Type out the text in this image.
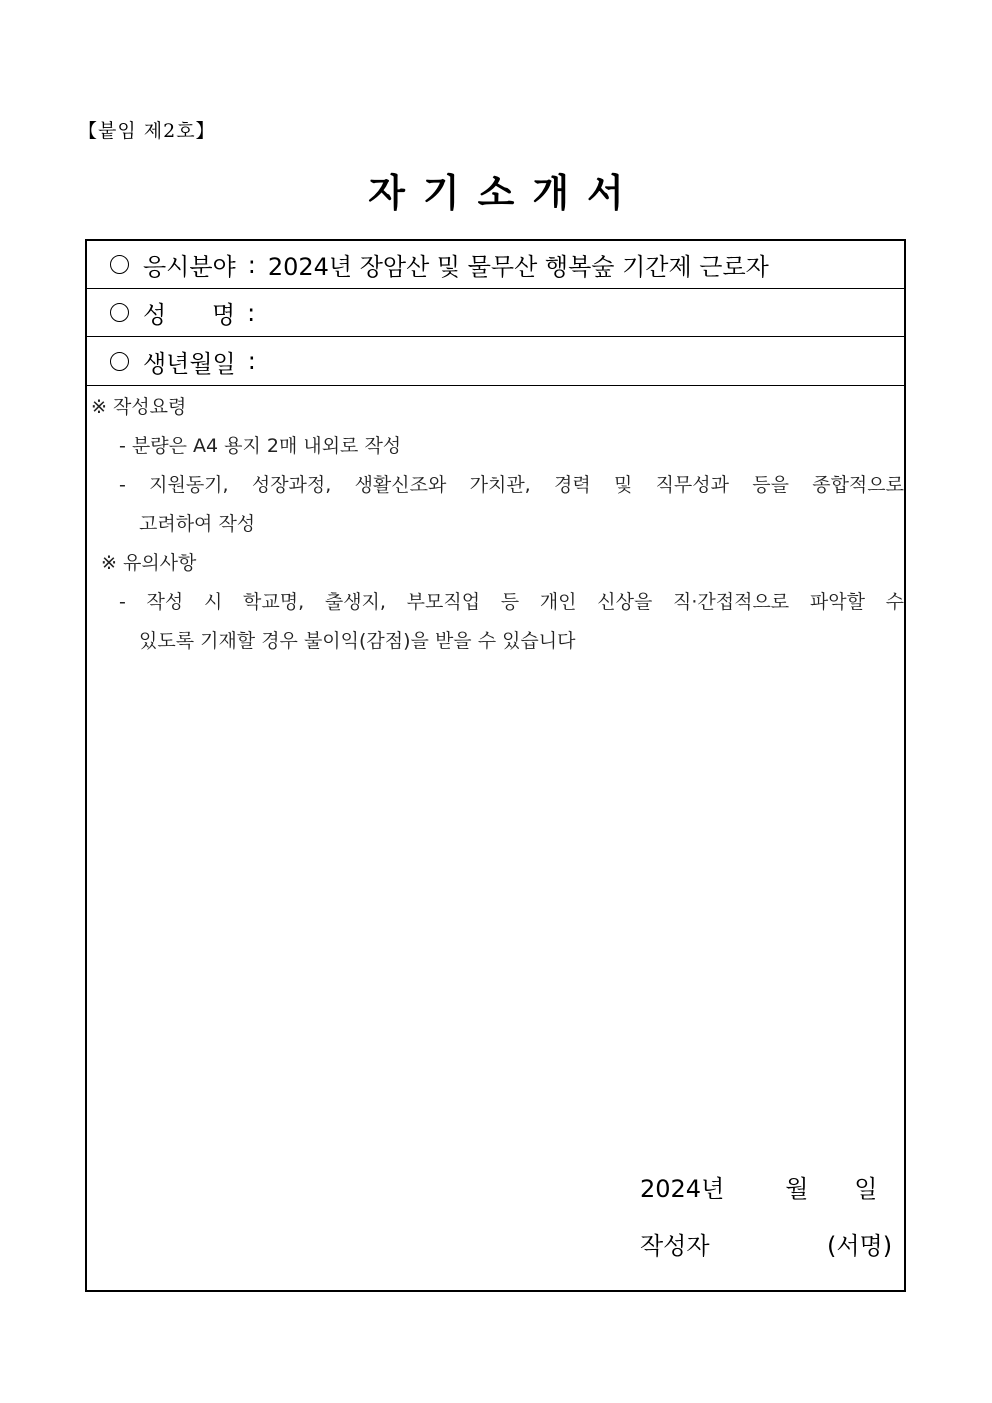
【붙임 제2호】
자기소개서
응시분야 : 2024년 장암산 및 물무산 행복숲 기간제 근로자
성      명 :
생년월일 :
※ 작성요령
- 분량은 A4 용지 2매 내외로 작성
- 지원동기, 성장과정, 생활신조와 가치관, 경력 및 직무성과 등을 종합적으로
고려하여 작성
※ 유의사항
- 작성 시 학교명, 출생지, 부모직업 등 개인 신상을 직·간접적으로 파악할 수
있도록 기재할 경우 불이익(감점)을 받을 수 있습니다
2024년        월      일
작성자	(서명)
